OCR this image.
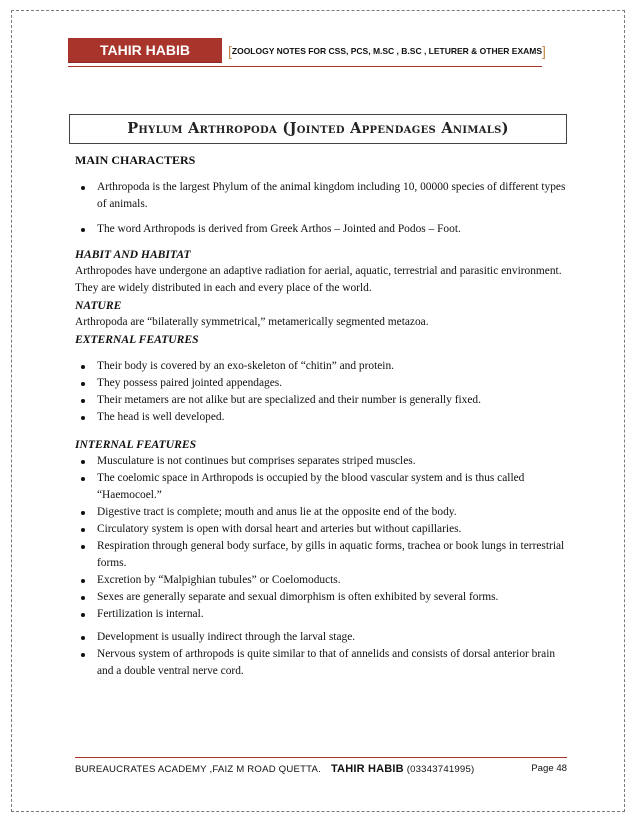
TAHIR HABIB	[ZOOLOGY NOTES FOR CSS, PCS, M.SC , B.SC , LETURER & OTHER EXAMS]
Phylum Arthropoda (Jointed Appendages Animals)

MAIN CHARACTERS

Arthropoda is the largest Phylum of the animal kingdom including 10, 00000 species of different types of animals.
The word Arthropods is derived from Greek Arthos – Jointed and Podos – Foot.

HABIT AND HABITAT

Arthropodes have undergone an adaptive radiation for aerial, aquatic, terrestrial and parasitic environment. They are widely distributed in each and every place of the world.

NATURE

Arthropoda are “bilaterally symmetrical,” metamerically segmented metazoa.

EXTERNAL FEATURES

Their body is covered by an exo-skeleton of “chitin” and protein.
They possess paired jointed appendages.
Their metamers are not alike but are specialized and their number is generally fixed.
The head is well developed.

INTERNAL FEATURES

Musculature is not continues but comprises separates striped muscles.
The coelomic space in Arthropods is occupied by the blood vascular system and is thus called “Haemocoel.”
Digestive tract is complete; mouth and anus lie at the opposite end of the body.
Circulatory system is open with dorsal heart and arteries but without capillaries.
Respiration through general body surface, by gills in aquatic forms, trachea or book lungs in terrestrial forms.
Excretion by “Malpighian tubules” or Coelomoducts.
Sexes are generally separate and sexual dimorphism is often exhibited by several forms.
Fertilization is internal.
Development is usually indirect through the larval stage.
Nervous system of arthropods is quite similar to that of annelids and consists of dorsal anterior brain and a double ventral nerve cord.
BUREAUCRATES ACADEMY ,FAIZ M ROAD QUETTA. TAHIR HABIB (03343741995)	Page 48
